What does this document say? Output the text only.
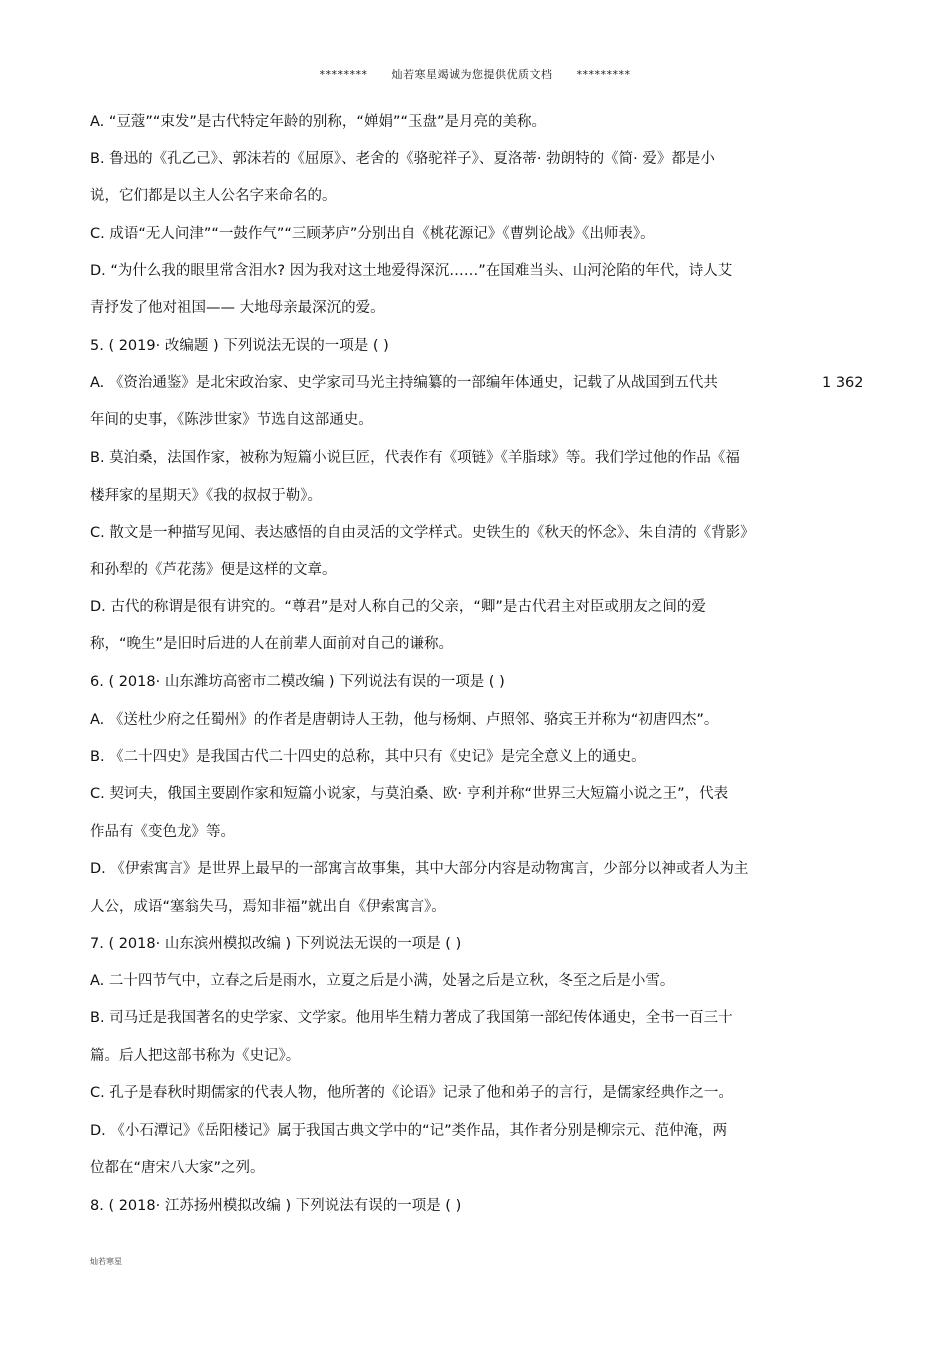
******** 灿若寒星竭诚为您提供优质文档 *********
A. “豆蔻”“束发”是古代特定年龄的别称，“婵娟”“玉盘”是月亮的美称。
B. 鲁迅的《孔乙己》、郭沫若的《屈原》、老舍的《骆驼祥子》、夏洛蒂· 勃朗特的《简· 爱》都是小
说，它们都是以主人公名字来命名的。
C. 成语“无人问津”“一鼓作气”“三顾茅庐”分别出自《桃花源记》《曹刿论战》《出师表》。
D. “为什么我的眼里常含泪水? 因为我对这土地爱得深沉……”在国难当头、山河沦陷的年代，诗人艾
青抒发了他对祖国—— 大地母亲最深沉的爱。
5. ( 2019· 改编题 ) 下列说法无误的一项是 ( )
A. 《资治通鉴》是北宋政治家、史学家司马光主持编纂的一部编年体通史，记载了从战国到五代共	1 362
年间的史事，《陈涉世家》节选自这部通史。
B. 莫泊桑，法国作家，被称为短篇小说巨匠，代表作有《项链》《羊脂球》等。我们学过他的作品《福
楼拜家的星期天》《我的叔叔于勒》。
C. 散文是一种描写见闻、表达感悟的自由灵活的文学样式。史铁生的《秋天的怀念》、朱自清的《背影》
和孙犁的《芦花荡》便是这样的文章。
D. 古代的称谓是很有讲究的。“尊君”是对人称自己的父亲，“卿”是古代君主对臣或朋友之间的爱
称，“晚生”是旧时后进的人在前辈人面前对自己的谦称。
6. ( 2018· 山东潍坊高密市二模改编 ) 下列说法有误的一项是 ( )
A. 《送杜少府之任蜀州》的作者是唐朝诗人王勃，他与杨炯、卢照邻、骆宾王并称为“初唐四杰”。
B. 《二十四史》是我国古代二十四史的总称，其中只有《史记》是完全意义上的通史。
C. 契诃夫，俄国主要剧作家和短篇小说家，与莫泊桑、欧· 亨利并称“世界三大短篇小说之王”，代表
作品有《变色龙》等。
D. 《伊索寓言》是世界上最早的一部寓言故事集，其中大部分内容是动物寓言，少部分以神或者人为主
人公，成语“塞翁失马，焉知非福”就出自《伊索寓言》。
7. ( 2018· 山东滨州模拟改编 ) 下列说法无误的一项是 ( )
A. 二十四节气中，立春之后是雨水，立夏之后是小满，处暑之后是立秋，冬至之后是小雪。
B. 司马迁是我国著名的史学家、文学家。他用毕生精力著成了我国第一部纪传体通史，全书一百三十
篇。后人把这部书称为《史记》。
C. 孔子是春秋时期儒家的代表人物，他所著的《论语》记录了他和弟子的言行，是儒家经典作之一。
D. 《小石潭记》《岳阳楼记》属于我国古典文学中的“记”类作品，其作者分别是柳宗元、范仲淹，两
位都在“唐宋八大家”之列。
8. ( 2018· 江苏扬州模拟改编 ) 下列说法有误的一项是 ( )
灿若寒星
